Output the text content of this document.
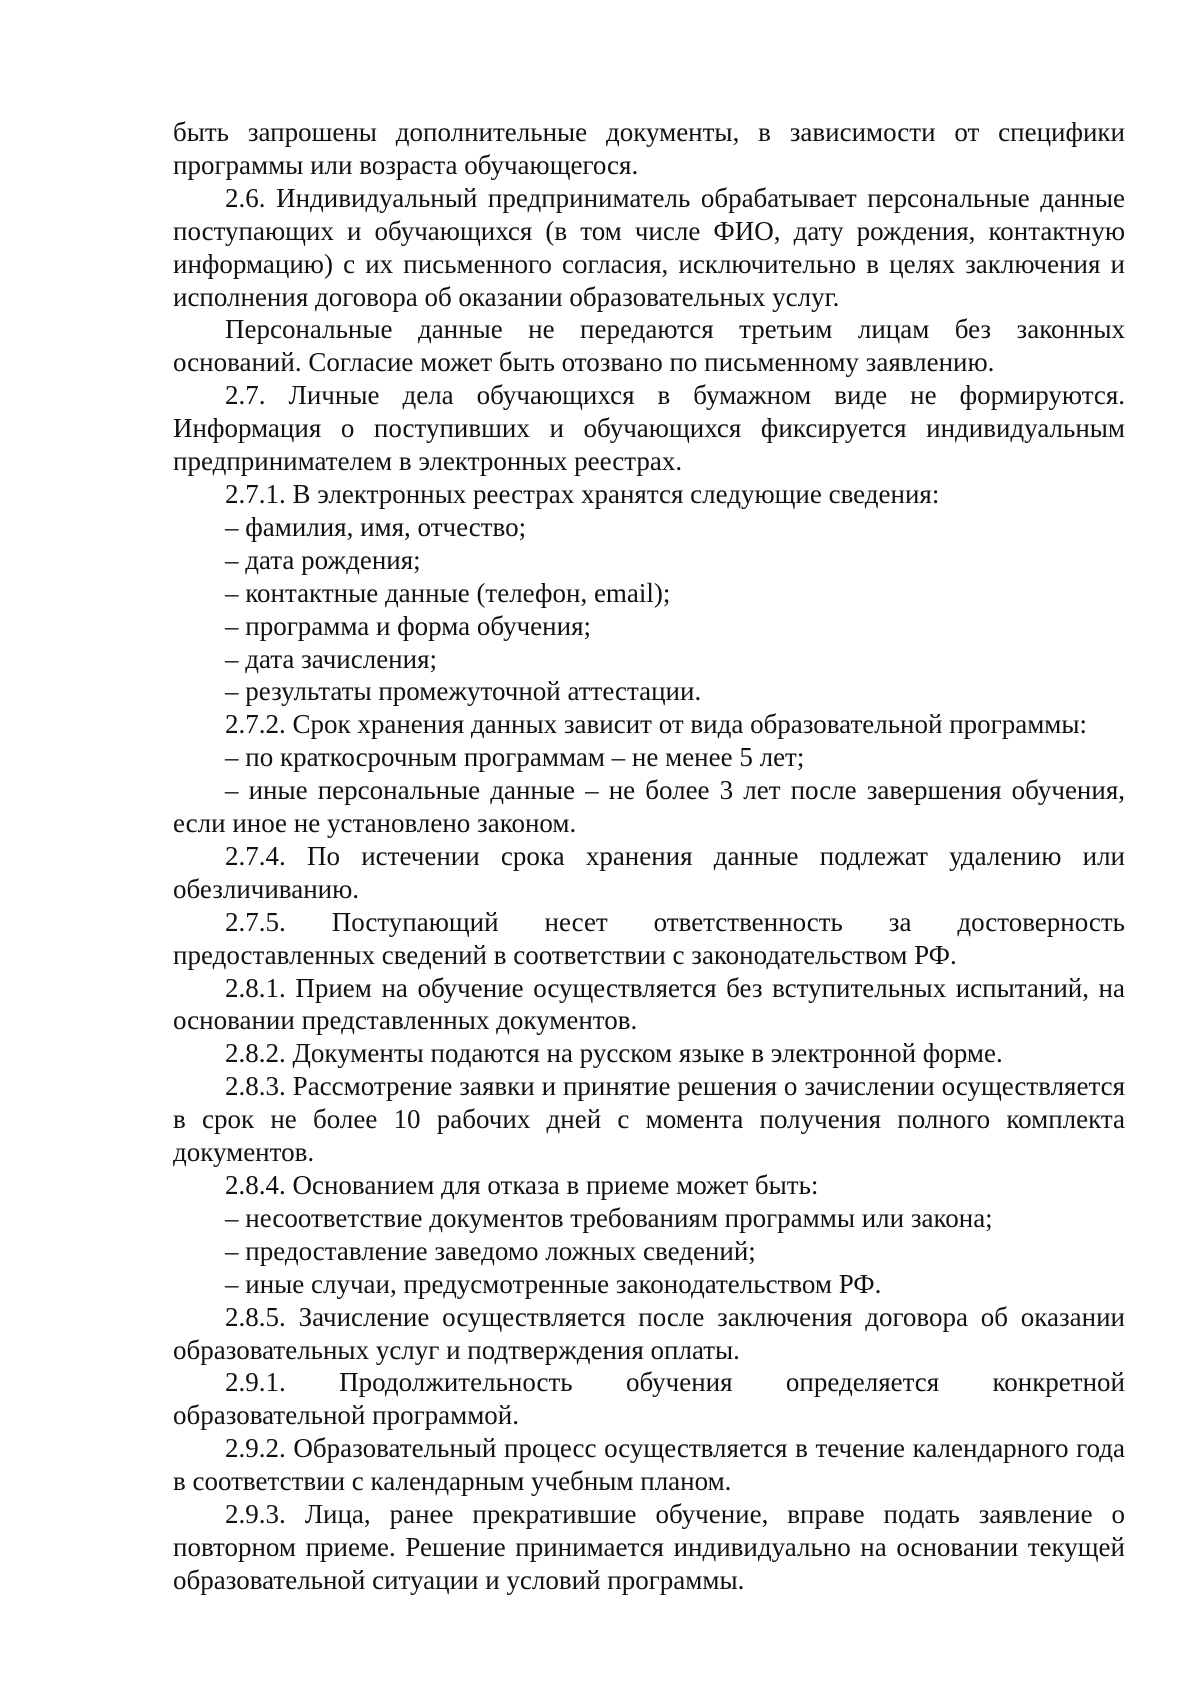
быть запрошены дополнительные документы, в зависимости от специфики программы или возраста обучающегося.

2.6. Индивидуальный предприниматель обрабатывает персональные данные поступающих и обучающихся (в том числе ФИО, дату рождения, контактную информацию) с их письменного согласия, исключительно в целях заключения и исполнения договора об оказании образовательных услуг.

Персональные данные не передаются третьим лицам без законных оснований. Согласие может быть отозвано по письменному заявлению.

2.7. Личные дела обучающихся в бумажном виде не формируются. Информация о поступивших и обучающихся фиксируется индивидуальным предпринимателем в электронных реестрах.

2.7.1. В электронных реестрах хранятся следующие сведения:

– фамилия, имя, отчество;

– дата рождения;

– контактные данные (телефон, email);

– программа и форма обучения;

– дата зачисления;

– результаты промежуточной аттестации.

2.7.2. Срок хранения данных зависит от вида образовательной программы:

– по краткосрочным программам – не менее 5 лет;

– иные персональные данные – не более 3 лет после завершения обучения, если иное не установлено законом.

2.7.4. По истечении срока хранения данные подлежат удалению или обезличиванию.

2.7.5. Поступающий несет ответственность за достоверность предоставленных сведений в соответствии с законодательством РФ.

2.8.1. Прием на обучение осуществляется без вступительных испытаний, на основании представленных документов.

2.8.2. Документы подаются на русском языке в электронной форме.

2.8.3. Рассмотрение заявки и принятие решения о зачислении осуществляется в срок не более 10 рабочих дней с момента получения полного комплекта документов.

2.8.4. Основанием для отказа в приеме может быть:

– несоответствие документов требованиям программы или закона;

– предоставление заведомо ложных сведений;

– иные случаи, предусмотренные законодательством РФ.

2.8.5. Зачисление осуществляется после заключения договора об оказании образовательных услуг и подтверждения оплаты.

2.9.1. Продолжительность обучения определяется конкретной образовательной программой.

2.9.2. Образовательный процесс осуществляется в течение календарного года в соответствии с календарным учебным планом.

2.9.3. Лица, ранее прекратившие обучение, вправе подать заявление о повторном приеме. Решение принимается индивидуально на основании текущей образовательной ситуации и условий программы.
